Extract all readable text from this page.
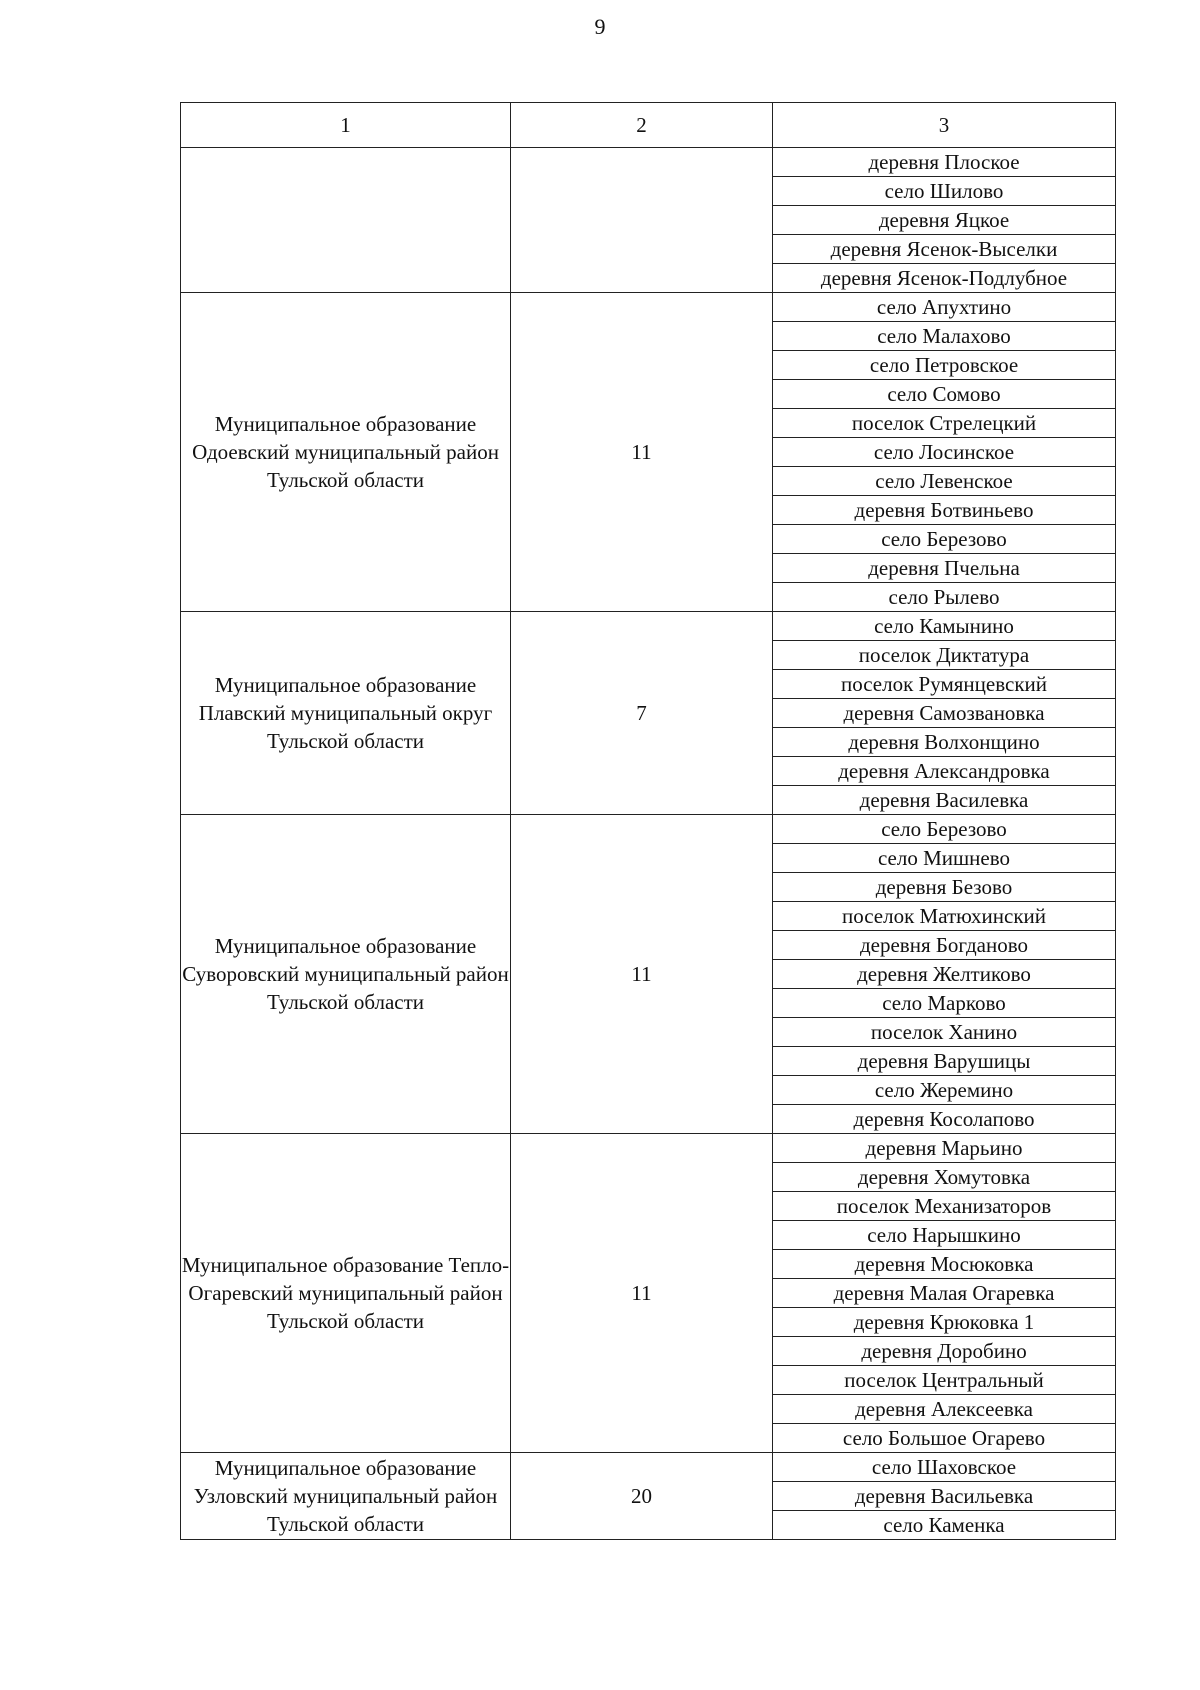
9
1	2	3

		деревня Плоское
		село Шилово
		деревня Яцкое
		деревня Ясенок-Выселки
		деревня Ясенок-Подлубное

Муниципальное образование Одоевский муниципальный район Тульской области	11	село Апухтино
		село Малахово
		село Петровское
		село Сомово
		поселок Стрелецкий
		село Лосинское
		село Левенское
		деревня Ботвиньево
		село Березово
		деревня Пчельна
		село Рылево

Муниципальное образование Плавский муниципальный округ Тульской области	7	село Камынино
		поселок Диктатура
		поселок Румянцевский
		деревня Самозвановка
		деревня Волхонщино
		деревня Александровка
		деревня Василевка

Муниципальное образование Суворовский муниципальный район Тульской области	11	село Березово
		село Мишнево
		деревня Безово
		поселок Матюхинский
		деревня Богданово
		деревня Желтиково
		село Марково
		поселок Ханино
		деревня Варушицы
		село Жеремино
		деревня Косолапово

Муниципальное образование Тепло-Огаревский муниципальный район Тульской области	11	деревня Марьино
		деревня Хомутовка
		поселок Механизаторов
		село Нарышкино
		деревня Мосюковка
		деревня Малая Огаревка
		деревня Крюковка 1
		деревня Доробино
		поселок Центральный
		деревня Алексеевка
		село Большое Огарево

Муниципальное образование Узловский муниципальный район Тульской области	20	село Шаховское
		деревня Васильевка
		село Каменка
